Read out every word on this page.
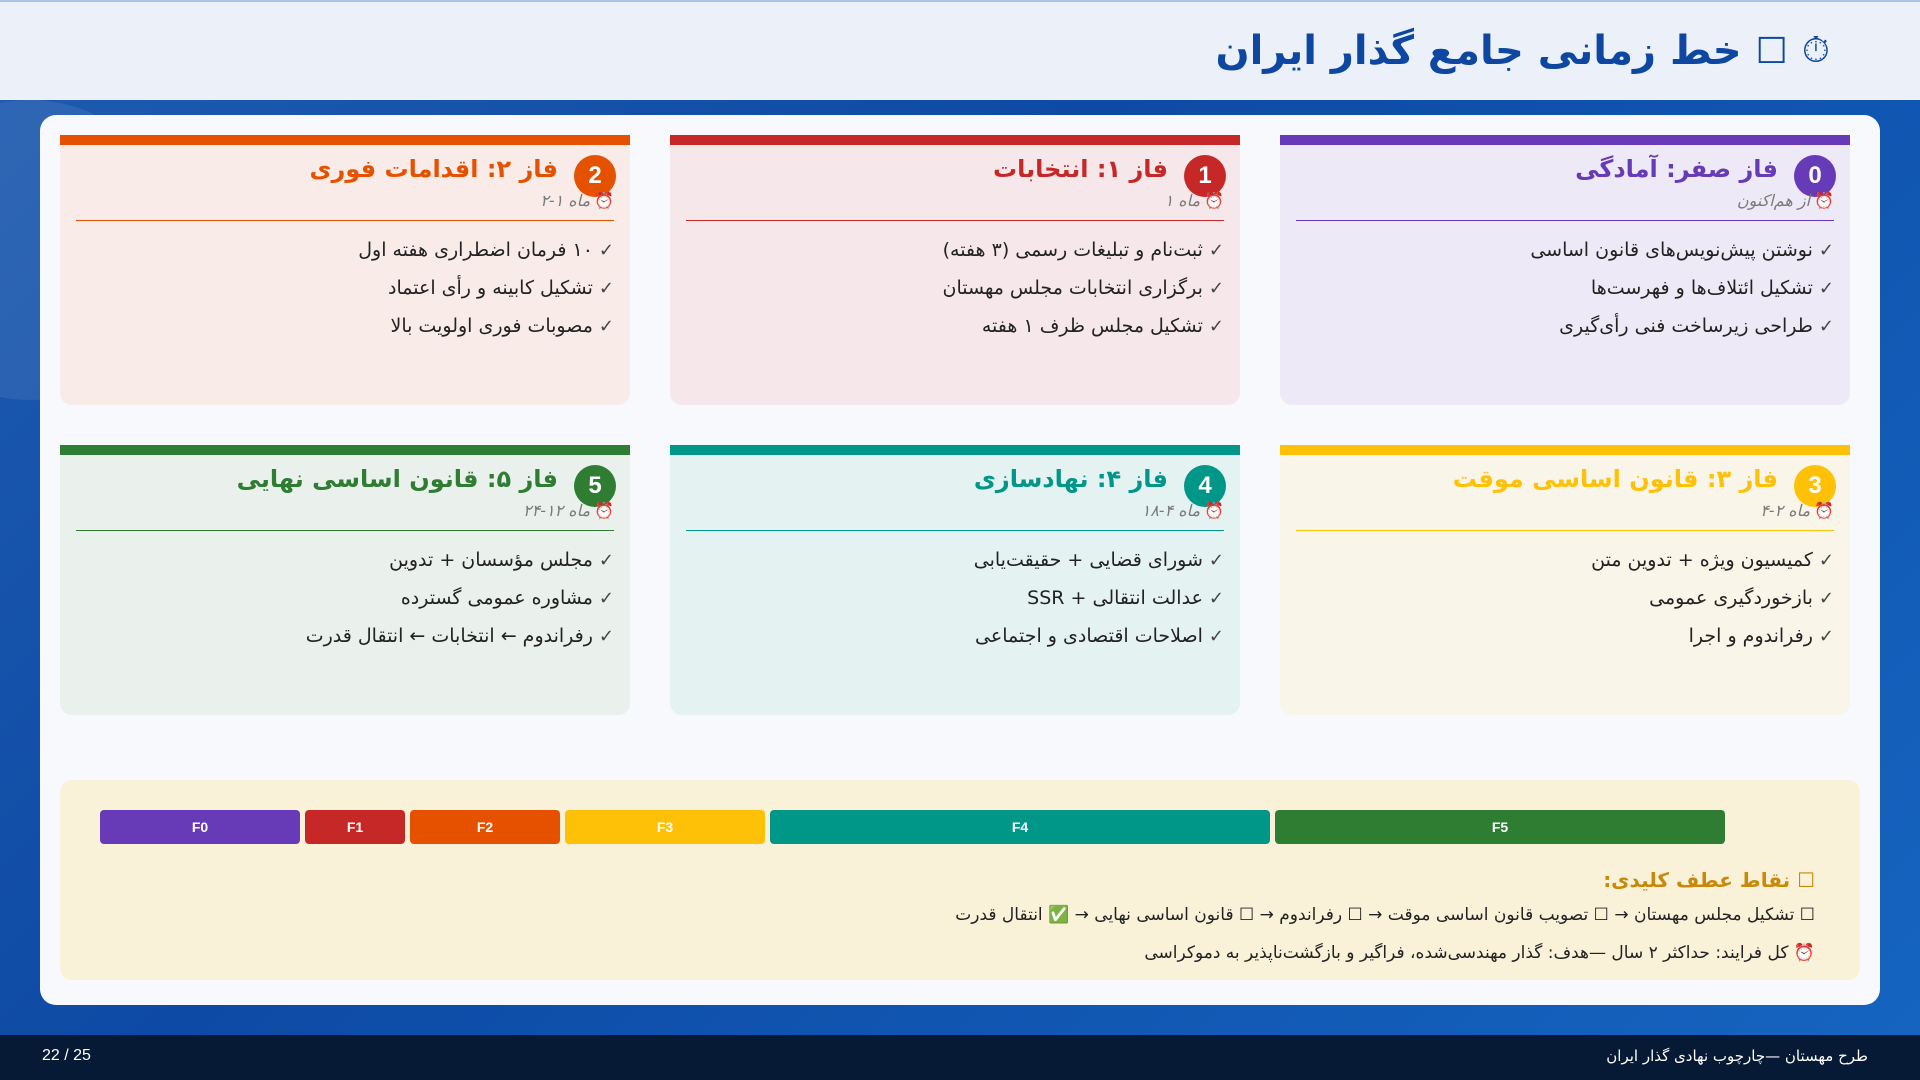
⏱
☐
خط زمانی جامع گذار ایران
0
فاز صفر: آمادگی
⏰از هم‌اکنون
✓نوشتن پیش‌نویس‌های قانون اساسی
✓تشکیل ائتلاف‌ها و فهرست‌ها
✓طراحی زیرساخت فنی رأی‌گیری
1
فاز ۱: انتخابات
⏰ماه ۱
✓ثبت‌نام و تبلیغات رسمی (۳ هفته)
✓برگزاری انتخابات مجلس مهستان
✓تشکیل مجلس ظرف ۱ هفته
2
فاز ۲: اقدامات فوری
⏰ماه ۱-۲
✓۱۰ فرمان اضطراری هفته اول
✓تشکیل کابینه و رأی اعتماد
✓مصوبات فوری اولویت بالا
3
فاز ۳: قانون اساسی موقت
⏰ماه ۲-۴
✓کمیسیون ویژه + تدوین متن
✓بازخوردگیری عمومی
✓رفراندوم و اجرا
4
فاز ۴: نهادسازی
⏰ماه ۴-۱۸
✓شورای قضایی + حقیقت‌یابی
✓عدالت انتقالی + SSR
✓اصلاحات اقتصادی و اجتماعی
5
فاز ۵: قانون اساسی نهایی
⏰ماه ۱۲-۲۴
✓مجلس مؤسسان + تدوین
✓مشاوره عمومی گسترده
✓رفراندوم ← انتخابات ← انتقال قدرت
F0	F1	F2	F3	F4	F5
☐ نقاط عطف کلیدی:
☐ تشکیل مجلس مهستان → ☐ تصویب قانون اساسی موقت → ☐ رفراندوم → ☐ قانون اساسی نهایی → ✅ انتقال قدرت
⏰ کل فرایند: حداکثر ۲ سال —هدف: گذار مهندسی‌شده، فراگیر و بازگشت‌ناپذیر به دموکراسی
22 / 25	طرح مهستان —چارچوب نهادی گذار ایران
